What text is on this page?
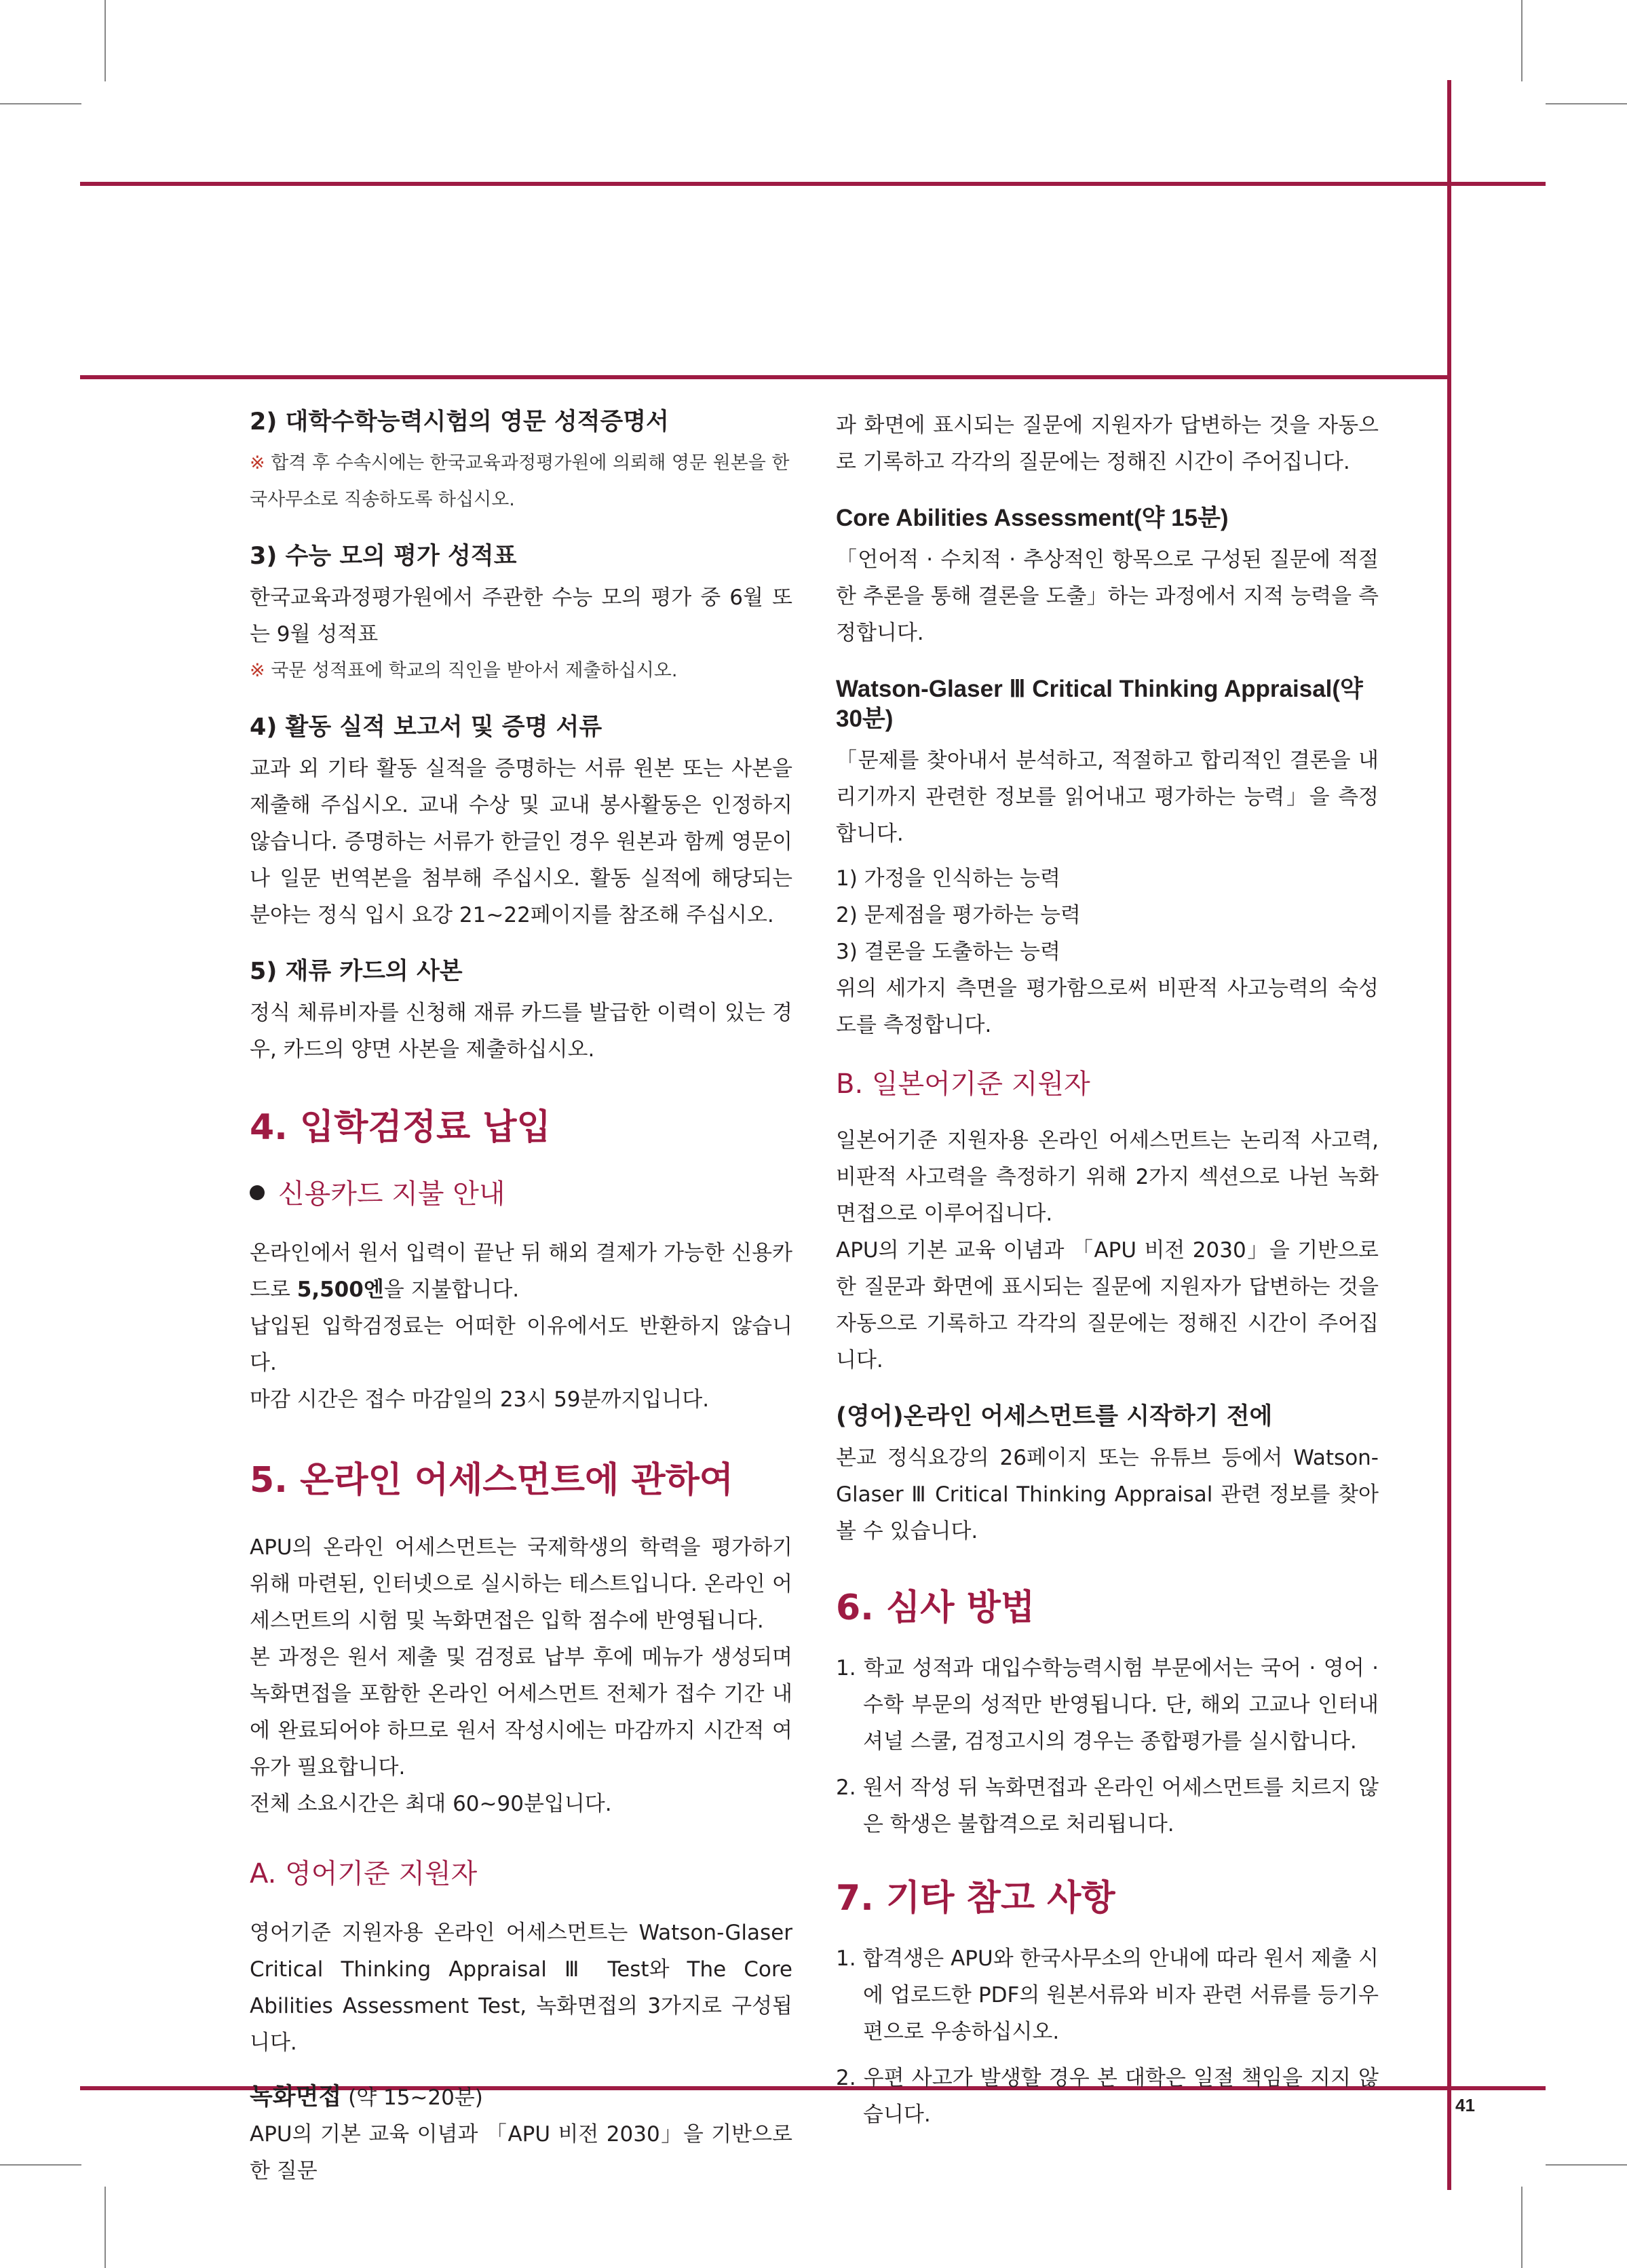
41
2) 대학수학능력시험의 영문 성적증명서
※ 합격 후 수속시에는 한국교육과정평가원에 의뢰해 영문 원본을 한국사무소로 직송하도록 하십시오.
3) 수능 모의 평가 성적표
한국교육과정평가원에서 주관한 수능 모의 평가 중 6월 또는 9월 성적표
※ 국문 성적표에 학교의 직인을 받아서 제출하십시오.
4) 활동 실적 보고서 및 증명 서류
교과 외 기타 활동 실적을 증명하는 서류 원본 또는 사본을 제출해 주십시오. 교내 수상 및 교내 봉사활동은 인정하지 않습니다. 증명하는 서류가 한글인 경우 원본과 함께 영문이나 일문 번역본을 첨부해 주십시오. 활동 실적에 해당되는 분야는 정식 입시 요강 21~22페이지를 참조해 주십시오.
5) 재류 카드의 사본
정식 체류비자를 신청해 재류 카드를 발급한 이력이 있는 경우, 카드의 양면 사본을 제출하십시오.
4. 입학검정료 납입
신용카드 지불 안내
온라인에서 원서 입력이 끝난 뒤 해외 결제가 가능한 신용카드로 5,500엔을 지불합니다.
납입된 입학검정료는 어떠한 이유에서도 반환하지 않습니다.
마감 시간은 접수 마감일의 23시 59분까지입니다.
5. 온라인 어세스먼트에 관하여
APU의 온라인 어세스먼트는 국제학생의 학력을 평가하기 위해 마련된, 인터넷으로 실시하는 테스트입니다. 온라인 어세스먼트의 시험 및 녹화면접은 입학 점수에 반영됩니다.
본 과정은 원서 제출 및 검정료 납부 후에 메뉴가 생성되며 녹화면접을 포함한 온라인 어세스먼트 전체가 접수 기간 내에 완료되어야 하므로 원서 작성시에는 마감까지 시간적 여유가 필요합니다.
전체 소요시간은 최대 60~90분입니다.
A. 영어기준 지원자
영어기준 지원자용 온라인 어세스먼트는 Watson-Glaser Critical Thinking Appraisal Ⅲ Test와 The Core Abilities Assessment Test, 녹화면접의 3가지로 구성됩니다.
녹화면접 (약 15~20분)
APU의 기본 교육 이념과 「APU 비전 2030」을 기반으로 한 질문
과 화면에 표시되는 질문에 지원자가 답변하는 것을 자동으로 기록하고 각각의 질문에는 정해진 시간이 주어집니다.
Core Abilities Assessment(약 15분)
「언어적 · 수치적 · 추상적인 항목으로 구성된 질문에 적절한 추론을 통해 결론을 도출」하는 과정에서 지적 능력을 측정합니다.
Watson-Glaser Ⅲ Critical Thinking Appraisal(약 30분)
「문제를 찾아내서 분석하고, 적절하고 합리적인 결론을 내리기까지 관련한 정보를 읽어내고 평가하는 능력」을 측정합니다.
1) 가정을 인식하는 능력
2) 문제점을 평가하는 능력
3) 결론을 도출하는 능력
위의 세가지 측면을 평가함으로써 비판적 사고능력의 숙성도를 측정합니다.
B. 일본어기준 지원자
일본어기준 지원자용 온라인 어세스먼트는 논리적 사고력, 비판적 사고력을 측정하기 위해 2가지 섹션으로 나뉜 녹화면접으로 이루어집니다.
APU의 기본 교육 이념과 「APU 비전 2030」을 기반으로 한 질문과 화면에 표시되는 질문에 지원자가 답변하는 것을 자동으로 기록하고 각각의 질문에는 정해진 시간이 주어집니다.
(영어)온라인 어세스먼트를 시작하기 전에
본교 정식요강의 26페이지 또는 유튜브 등에서 Watson-Glaser Ⅲ Critical Thinking Appraisal 관련 정보를 찾아볼 수 있습니다.
6. 심사 방법
1. 학교 성적과 대입수학능력시험 부문에서는 국어 · 영어 · 수학 부문의 성적만 반영됩니다. 단, 해외 고교나 인터내셔널 스쿨, 검정고시의 경우는 종합평가를 실시합니다.
2. 원서 작성 뒤 녹화면접과 온라인 어세스먼트를 치르지 않은 학생은 불합격으로 처리됩니다.
7. 기타 참고 사항
1. 합격생은 APU와 한국사무소의 안내에 따라 원서 제출 시에 업로드한 PDF의 원본서류와 비자 관련 서류를 등기우편으로 우송하십시오.
2. 우편 사고가 발생할 경우 본 대학은 일절 책임을 지지 않습니다.
